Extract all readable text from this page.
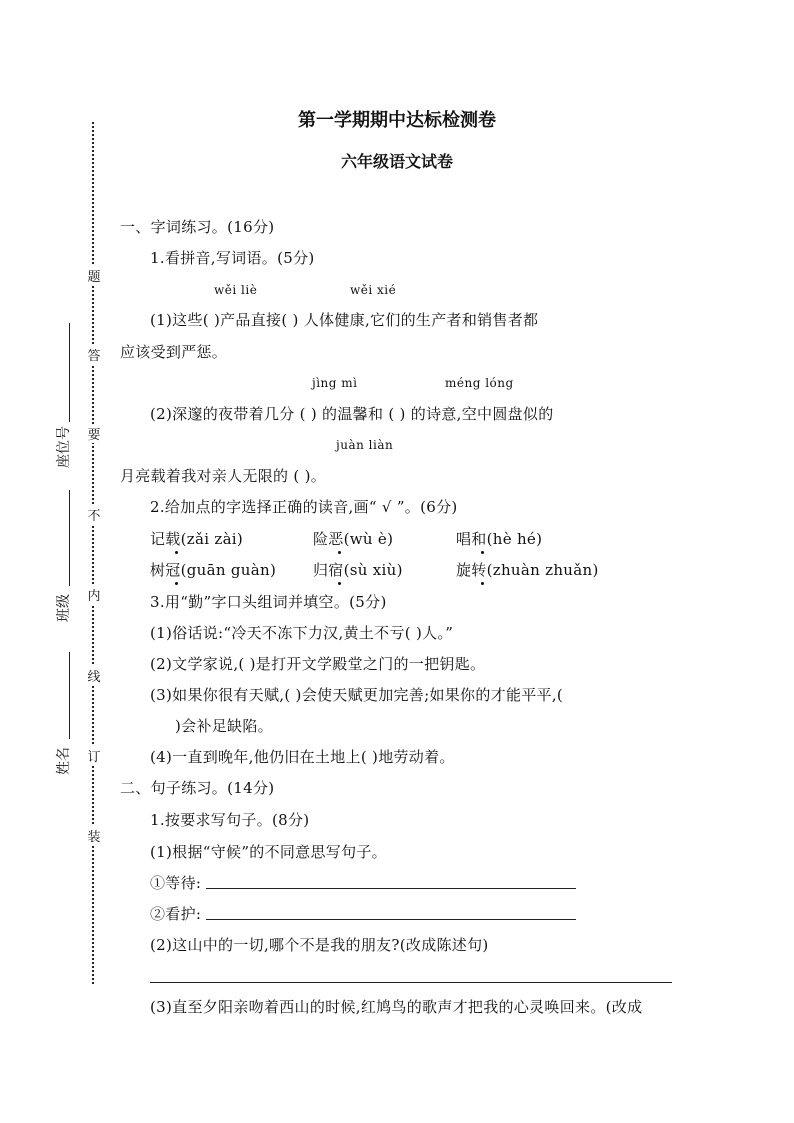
题
答
要
不
内
线
订
装
座位号
班级
姓名
第一学期期中达标检测卷
六年级语文试卷
一、字词练习。(16分)
1.看拼音,写词语。(5分)
wěi liè	wěi xié
(1)这些( )产品直接( ) 人体健康,它们的生产者和销售者都
应该受到严惩。
jìng mì	méng lóng
(2)深邃的夜带着几分 ( ) 的温馨和 ( ) 的诗意,空中圆盘似的
juàn liàn
月亮载着我对亲人无限的 ( )。
2.给加点的字选择正确的读音,画“ √ ”。(6分)
记载(zǎi zài)	险恶(wù è)	唱和(hè hé)
树冠(guān guàn) 归宿(sù xiù)	旋转(zhuàn zhuǎn)
3.用“勤”字口头组词并填空。(5分)
(1)俗话说:“冷天不冻下力汉,黄土不亏( )人。”
(2)文学家说,( )是打开文学殿堂之门的一把钥匙。
(3)如果你很有天赋,( )会使天赋更加完善;如果你的才能平平,(
)会补足缺陷。
(4)一直到晚年,他仍旧在土地上( )地劳动着。
二、句子练习。(14分)
1.按要求写句子。(8分)
(1)根据“守候”的不同意思写句子。
①等待:
②看护:
(2)这山中的一切,哪个不是我的朋友?(改成陈述句)
(3)直至夕阳亲吻着西山的时候,红鸠鸟的歌声才把我的心灵唤回来。(改成
